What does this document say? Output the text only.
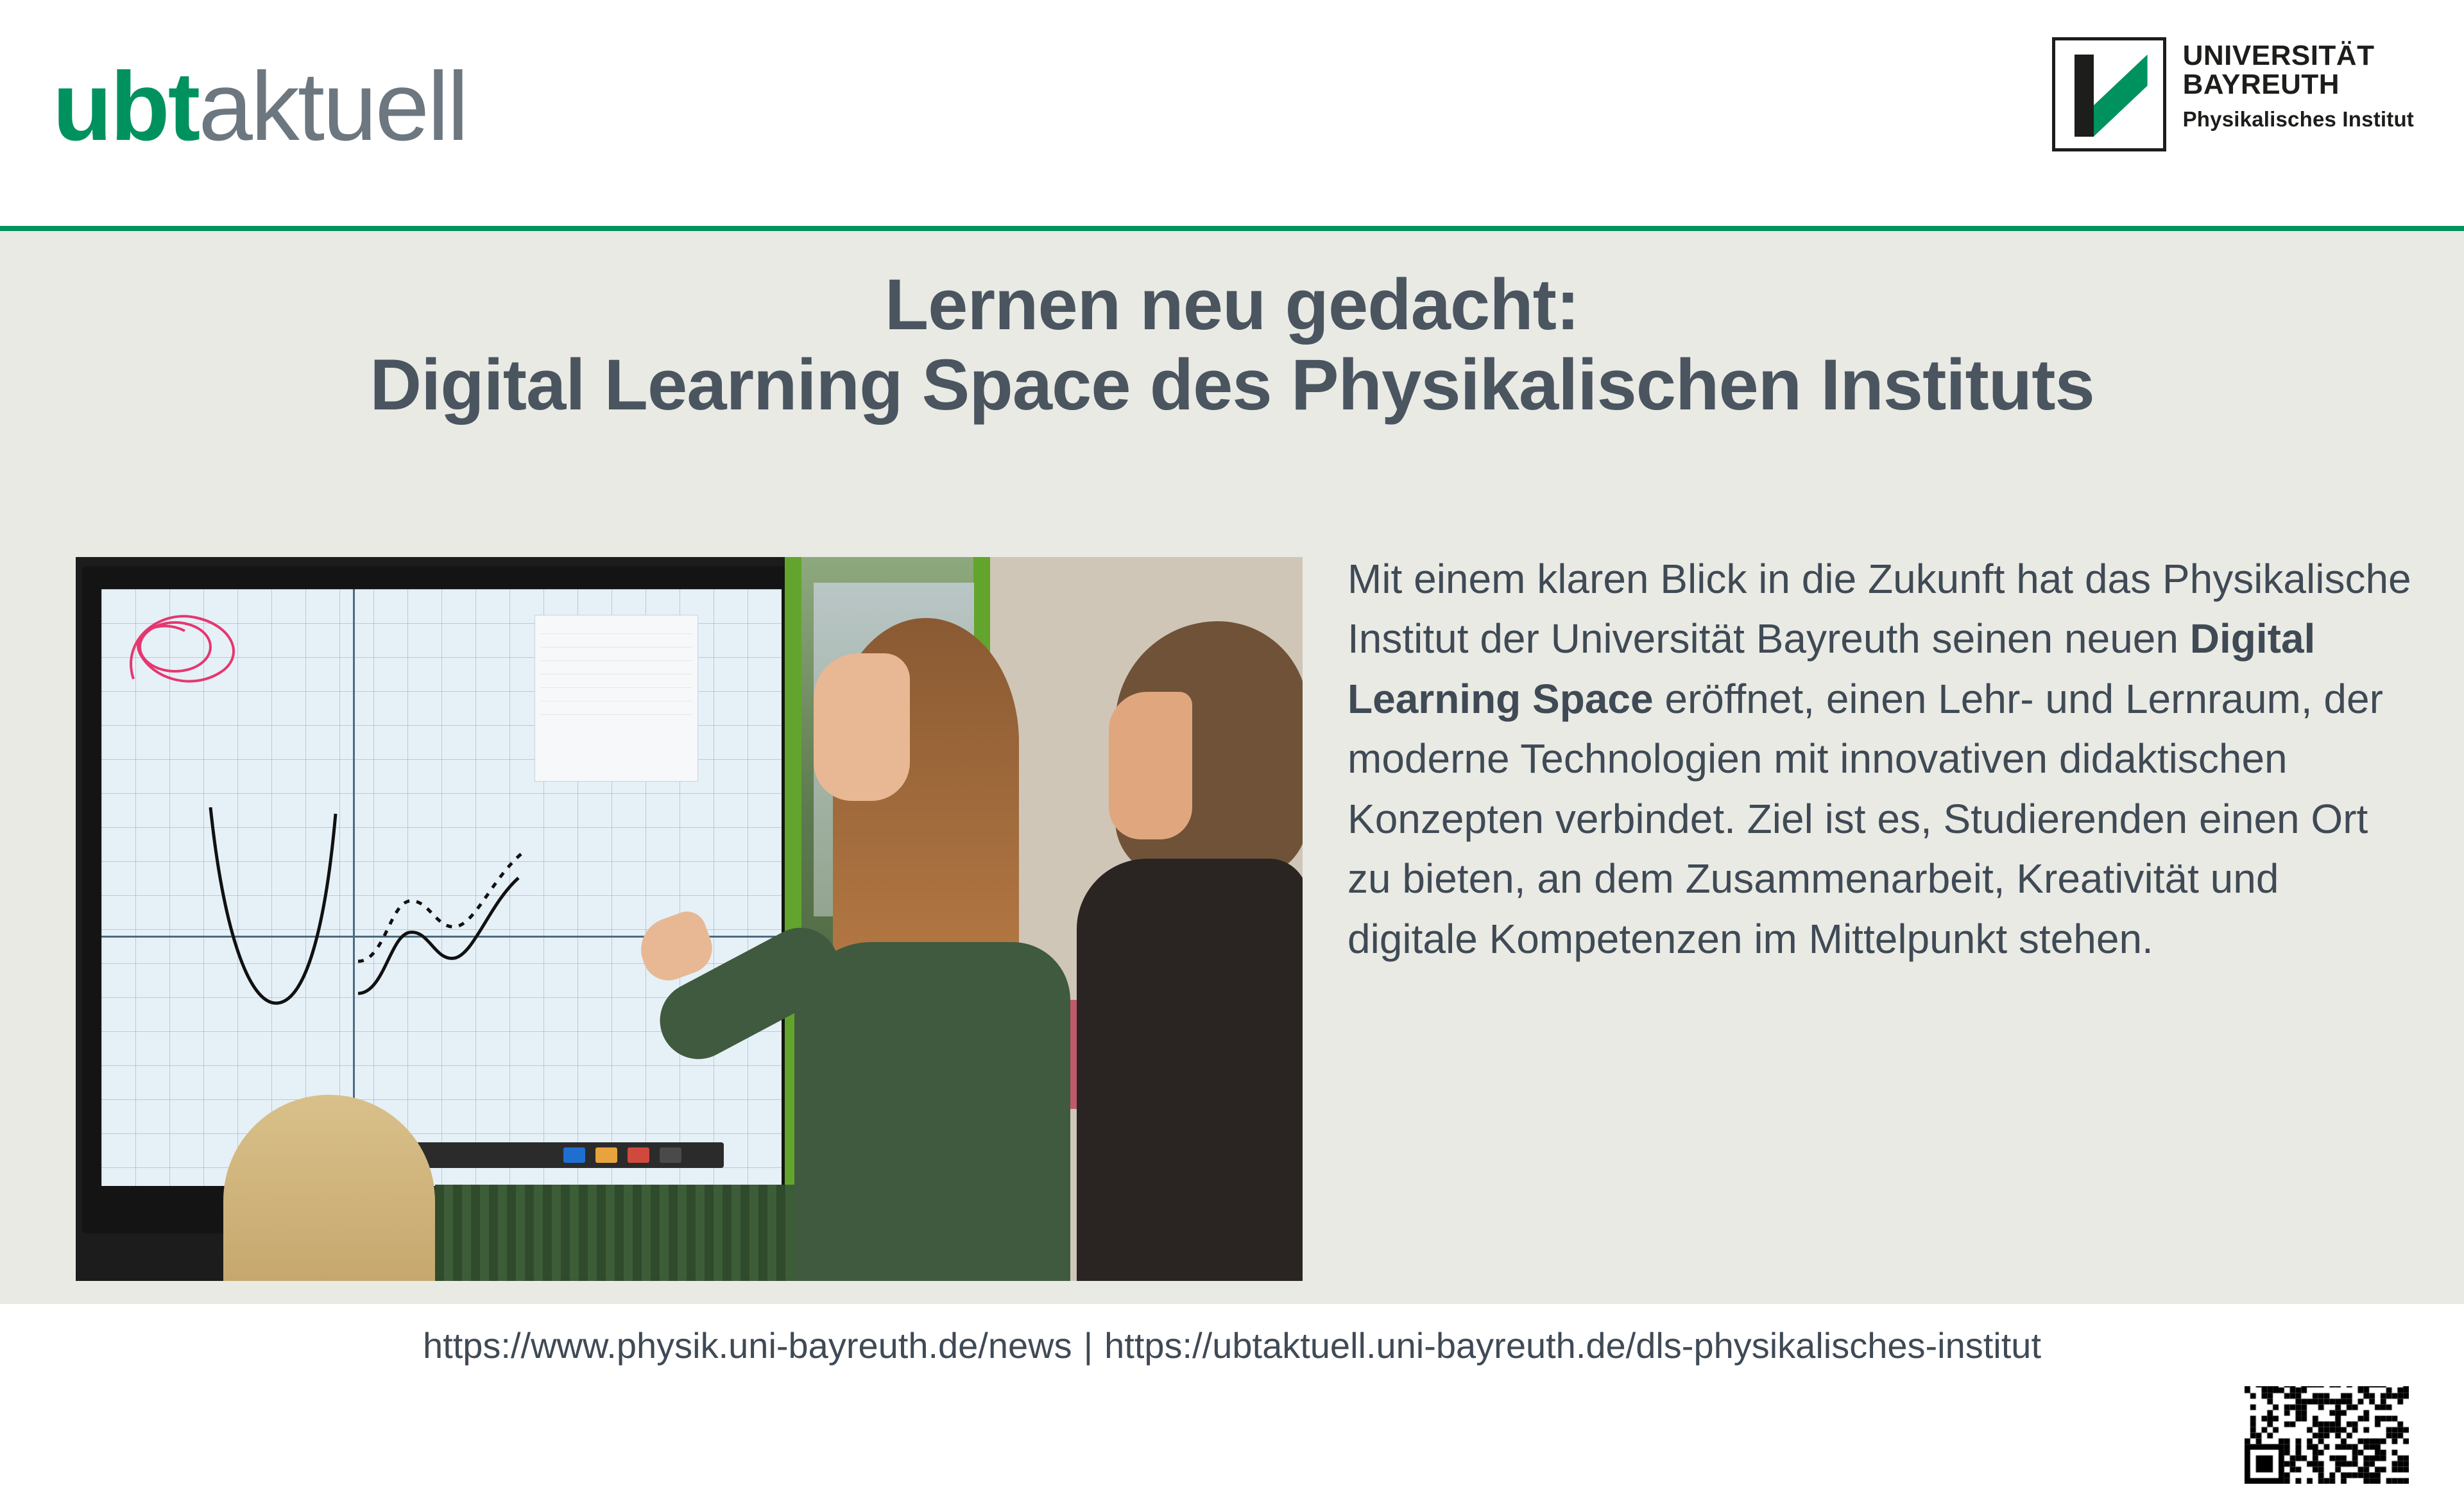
ubtaktuell	UNIVERSITÄT
BAYREUTH
Physikalisches Institut
Lernen neu gedacht:
Digital Learning Space des Physikalischen Instituts

Mit einem klaren Blick in die Zukunft hat das Physikalische Institut der Universität Bayreuth seinen neuen Digital Learning Space eröffnet, einen Lehr- und Lernraum, der moderne Technologien mit innovativen didaktischen Konzepten verbindet. Ziel ist es, Studierenden einen Ort zu bieten, an dem Zusammenarbeit, Kreativität und digitale Kompetenzen im Mittelpunkt stehen.

https://www.physik.uni-bayreuth.de/news | https://ubtaktuell.uni-bayreuth.de/dls-physikalisches-institut
